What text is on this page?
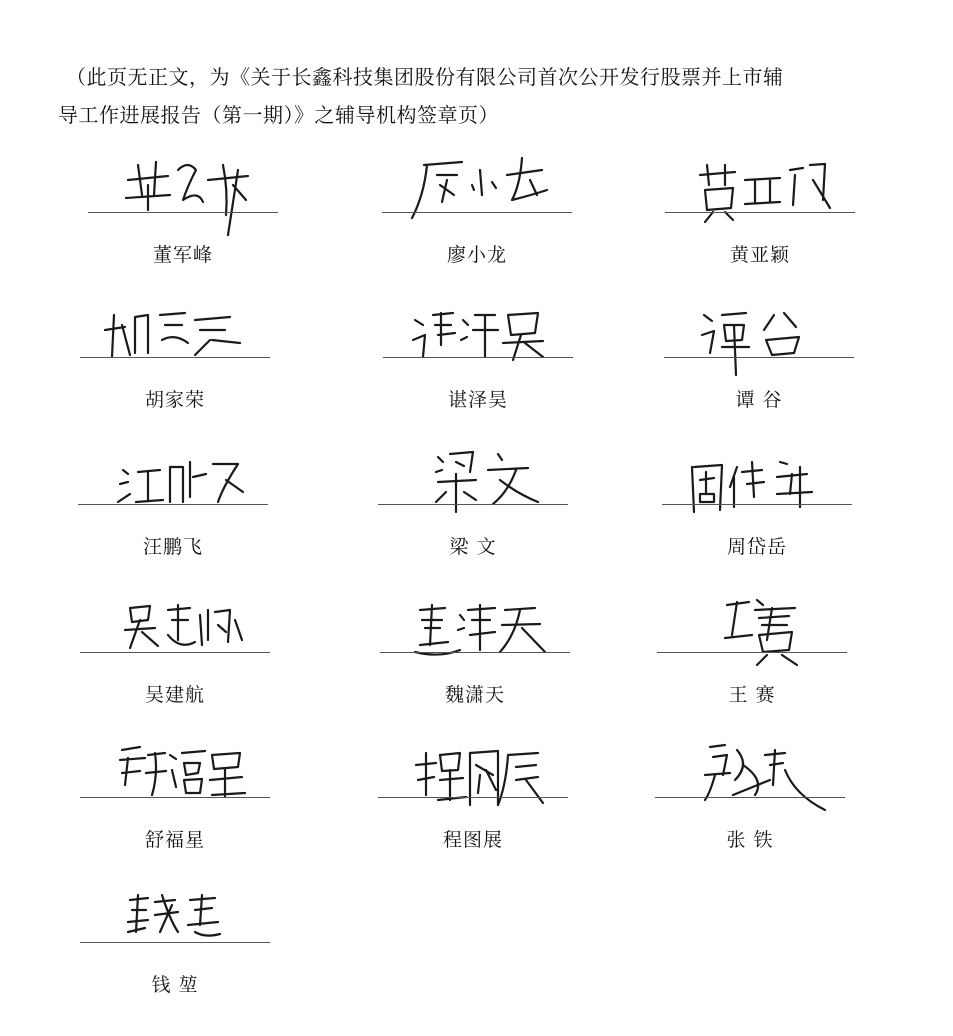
（此页无正文，为《关于长鑫科技集团股份有限公司首次公开发行股票并上市辅
导工作进展报告（第一期）》之辅导机构签章页）
董军峰	廖小龙	黄亚颖
胡家荣	谌泽昊	谭 谷
汪鹏飞	梁 文	周岱岳
吴建航	魏潇天	王 赛
舒福星	程图展	张 铁
钱 堃
